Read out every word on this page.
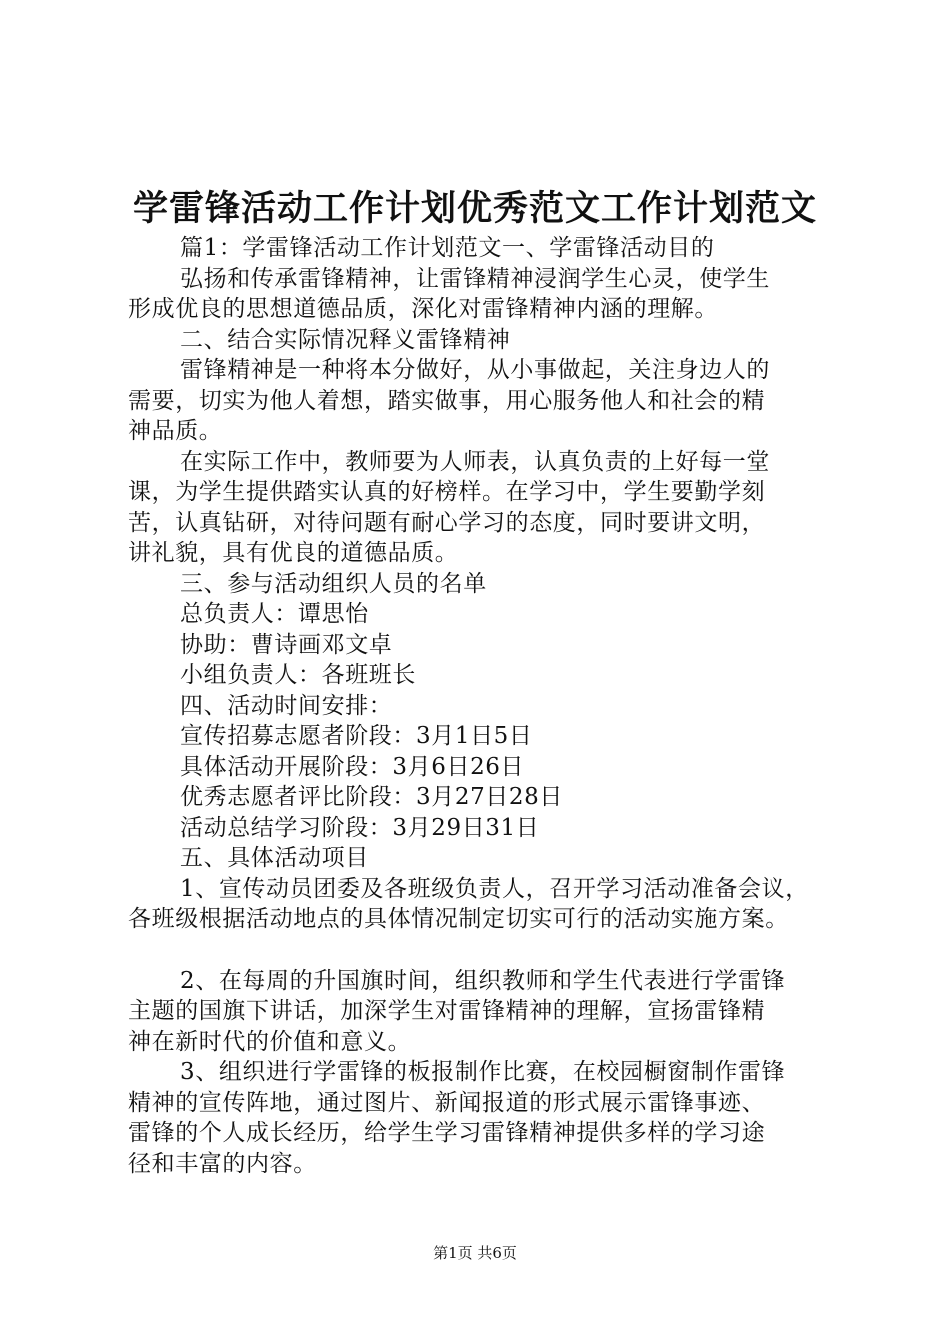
学雷锋活动工作计划优秀范文工作计划范文
篇1：学雷锋活动工作计划范文一、学雷锋活动目的
弘扬和传承雷锋精神，让雷锋精神浸润学生心灵，使学生
形成优良的思想道德品质，深化对雷锋精神内涵的理解。
二、结合实际情况释义雷锋精神
雷锋精神是一种将本分做好，从小事做起，关注身边人的
需要，切实为他人着想，踏实做事，用心服务他人和社会的精
神品质。
在实际工作中，教师要为人师表，认真负责的上好每一堂
课，为学生提供踏实认真的好榜样。在学习中，学生要勤学刻
苦，认真钻研，对待问题有耐心学习的态度，同时要讲文明，
讲礼貌，具有优良的道德品质。
三、参与活动组织人员的名单
总负责人：谭思怡
协助：曹诗画邓文卓
小组负责人：各班班长
四、活动时间安排：
宣传招募志愿者阶段：3月1日5日
具体活动开展阶段：3月6日26日
优秀志愿者评比阶段：3月27日28日
活动总结学习阶段：3月29日31日
五、具体活动项目
1、宣传动员团委及各班级负责人，召开学习活动准备会议，
各班级根据活动地点的具体情况制定切实可行的活动实施方案。
2、在每周的升国旗时间，组织教师和学生代表进行学雷锋
主题的国旗下讲话，加深学生对雷锋精神的理解，宣扬雷锋精
神在新时代的价值和意义。
3、组织进行学雷锋的板报制作比赛，在校园橱窗制作雷锋
精神的宣传阵地，通过图片、新闻报道的形式展示雷锋事迹、
雷锋的个人成长经历，给学生学习雷锋精神提供多样的学习途
径和丰富的内容。
第1页 共6页
